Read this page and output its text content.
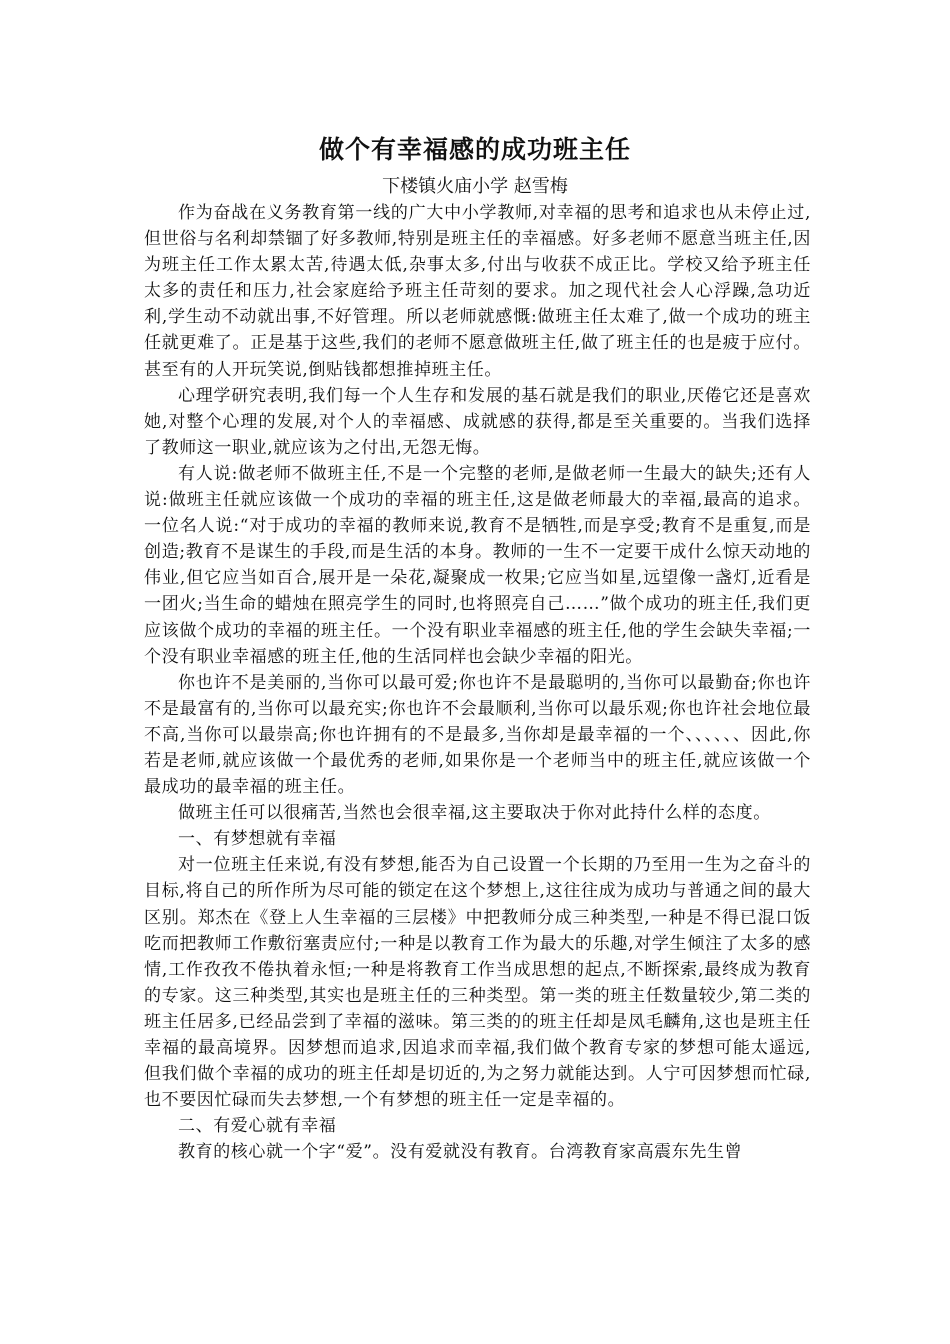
做个有幸福感的成功班主任
下楼镇火庙小学 赵雪梅

作为奋战在义务教育第一线的广大中小学教师,对幸福的思考和追求也从未停止过,但世俗与名利却禁锢了好多教师,特别是班主任的幸福感。好多老师不愿意当班主任,因为班主任工作太累太苦,待遇太低,杂事太多,付出与收获不成正比。学校又给予班主任太多的责任和压力,社会家庭给予班主任苛刻的要求。加之现代社会人心浮躁,急功近利,学生动不动就出事,不好管理。所以老师就感慨:做班主任太难了,做一个成功的班主任就更难了。正是基于这些,我们的老师不愿意做班主任,做了班主任的也是疲于应付。甚至有的人开玩笑说,倒贴钱都想推掉班主任。

心理学研究表明,我们每一个人生存和发展的基石就是我们的职业,厌倦它还是喜欢她,对整个心理的发展,对个人的幸福感、成就感的获得,都是至关重要的。当我们选择了教师这一职业,就应该为之付出,无怨无悔。

有人说:做老师不做班主任,不是一个完整的老师,是做老师一生最大的缺失;还有人说:做班主任就应该做一个成功的幸福的班主任,这是做老师最大的幸福,最高的追求。一位名人说:“对于成功的幸福的教师来说,教育不是牺牲,而是享受;教育不是重复,而是创造;教育不是谋生的手段,而是生活的本身。教师的一生不一定要干成什么惊天动地的伟业,但它应当如百合,展开是一朵花,凝聚成一枚果;它应当如星,远望像一盏灯,近看是一团火;当生命的蜡烛在照亮学生的同时,也将照亮自己……”做个成功的班主任,我们更应该做个成功的幸福的班主任。一个没有职业幸福感的班主任,他的学生会缺失幸福;一个没有职业幸福感的班主任,他的生活同样也会缺少幸福的阳光。

你也许不是美丽的,当你可以最可爱;你也许不是最聪明的,当你可以最勤奋;你也许不是最富有的,当你可以最充实;你也许不会最顺利,当你可以最乐观;你也许社会地位最不高,当你可以最崇高;你也许拥有的不是最多,当你却是最幸福的一个、、、、、、因此,你若是老师,就应该做一个最优秀的老师,如果你是一个老师当中的班主任,就应该做一个最成功的最幸福的班主任。

做班主任可以很痛苦,当然也会很幸福,这主要取决于你对此持什么样的态度。

一、有梦想就有幸福

对一位班主任来说,有没有梦想,能否为自己设置一个长期的乃至用一生为之奋斗的目标,将自己的所作所为尽可能的锁定在这个梦想上,这往往成为成功与普通之间的最大区别。郑杰在《登上人生幸福的三层楼》中把教师分成三种类型,一种是不得已混口饭吃而把教师工作敷衍塞责应付;一种是以教育工作为最大的乐趣,对学生倾注了太多的感情,工作孜孜不倦执着永恒;一种是将教育工作当成思想的起点,不断探索,最终成为教育的专家。这三种类型,其实也是班主任的三种类型。第一类的班主任数量较少,第二类的班主任居多,已经品尝到了幸福的滋味。第三类的的班主任却是凤毛麟角,这也是班主任幸福的最高境界。因梦想而追求,因追求而幸福,我们做个教育专家的梦想可能太遥远,但我们做个幸福的成功的班主任却是切近的,为之努力就能达到。人宁可因梦想而忙碌,也不要因忙碌而失去梦想,一个有梦想的班主任一定是幸福的。

二、有爱心就有幸福

教育的核心就一个字“爱”。没有爱就没有教育。台湾教育家高震东先生曾
